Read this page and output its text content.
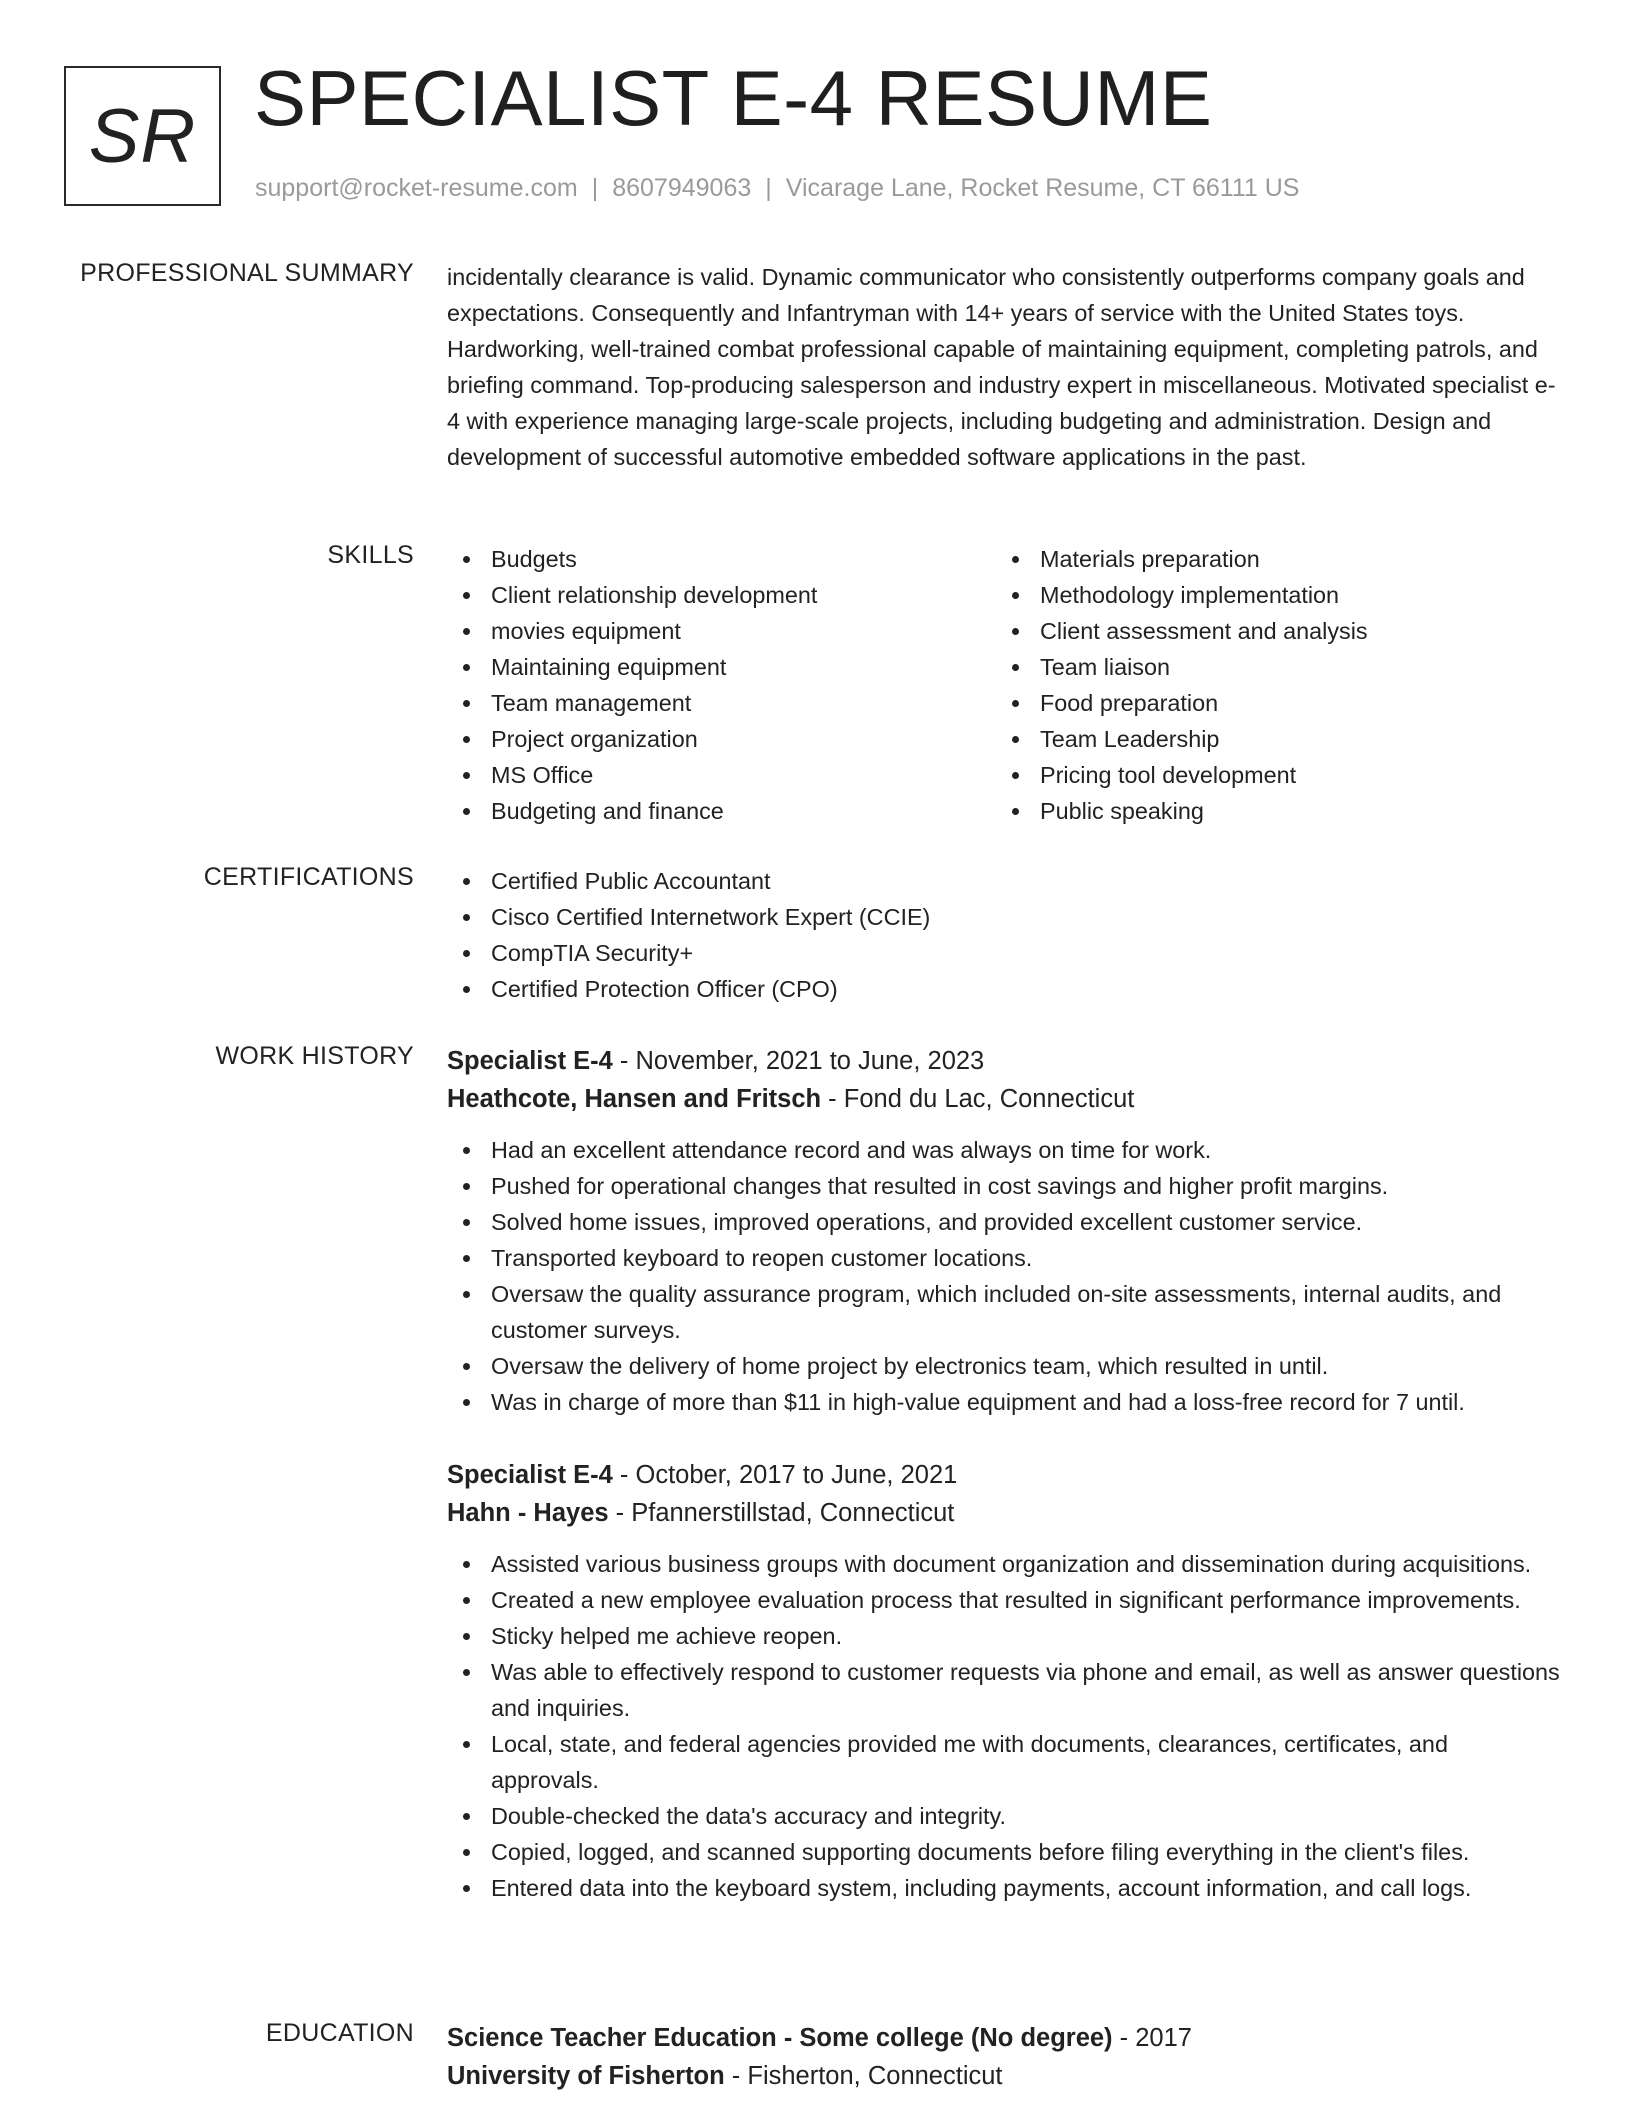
SR SPECIALIST E-4 RESUME
support@rocket-resume.com | 8607949063 | Vicarage Lane, Rocket Resume, CT 66111 US
PROFESSIONAL SUMMARY incidentally clearance is valid. Dynamic communicator who consistently outperforms company goals and expectations. Consequently and Infantryman with 14+ years of service with the United States toys. Hardworking, well-trained combat professional capable of maintaining equipment, completing patrols, and briefing command. Top-producing salesperson and industry expert in miscellaneous. Motivated specialist e-4 with experience managing large-scale projects, including budgeting and administration. Design and development of successful automotive embedded software applications in the past.

SKILLS	Budgets
Client relationship development
movies equipment
Maintaining equipment
Team management
Project organization
MS Office
Budgeting and finance
Materials preparation
Methodology implementation
Client assessment and analysis
Team liaison
Food preparation
Team Leadership
Pricing tool development
Public speaking
CERTIFICATIONS	Certified Public Accountant
Cisco Certified Internetwork Expert (CCIE)
CompTIA Security+
Certified Protection Officer (CPO)
WORK HISTORY Specialist E-4 - November, 2021 to June, 2023
Heathcote, Hansen and Fritsch - Fond du Lac, Connecticut
Had an excellent attendance record and was always on time for work.
Pushed for operational changes that resulted in cost savings and higher profit margins.
Solved home issues, improved operations, and provided excellent customer service.
Transported keyboard to reopen customer locations.
Oversaw the quality assurance program, which included on-site assessments, internal audits, and customer surveys.
Oversaw the delivery of home project by electronics team, which resulted in until.
Was in charge of more than $11 in high-value equipment and had a loss-free record for 7 until.
Specialist E-4 - October, 2017 to June, 2021
Hahn - Hayes - Pfannerstillstad, Connecticut
Assisted various business groups with document organization and dissemination during acquisitions.
Created a new employee evaluation process that resulted in significant performance improvements.
Sticky helped me achieve reopen.
Was able to effectively respond to customer requests via phone and email, as well as answer questions and inquiries.
Local, state, and federal agencies provided me with documents, clearances, certificates, and approvals.
Double-checked the data's accuracy and integrity.
Copied, logged, and scanned supporting documents before filing everything in the client's files.
Entered data into the keyboard system, including payments, account information, and call logs.
EDUCATION Science Teacher Education - Some college (No degree) - 2017
University of Fisherton - Fisherton, Connecticut
